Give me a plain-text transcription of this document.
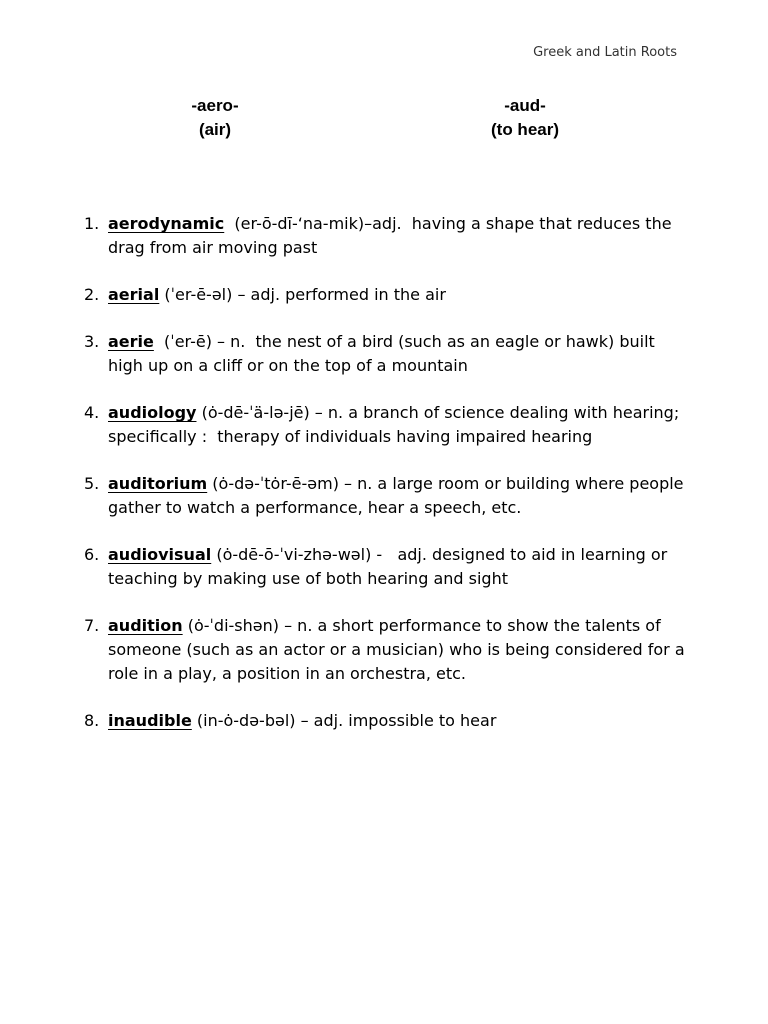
Greek and Latin Roots
-aero-
(air)
-aud-
(to hear)
1. aerodynamic  (er-ō-dī-‘na-mik)–adj.  having a shape that reduces the drag from air moving past
2. aerial (ˈer-ē-əl) – adj. performed in the air
3. aerie  (ˈer-ē) – n.  the nest of a bird (such as an eagle or hawk) built high up on a cliff or on the top of a mountain
4. audiology (ȯ-dē-ˈä-lə-jē) – n. a branch of science dealing with hearing; specifically :  therapy of individuals having impaired hearing
5. auditorium (ȯ-də-ˈtȯr-ē-əm) – n. a large room or building where people gather to watch a performance, hear a speech, etc.
6. audiovisual (ȯ-dē-ō-ˈvi-zhə-wəl) -   adj. designed to aid in learning or teaching by making use of both hearing and sight
7. audition (ȯ-ˈdi-shən) – n. a short performance to show the talents of someone (such as an actor or a musician) who is being considered for a role in a play, a position in an orchestra, etc.
8. inaudible (in-ȯ-də-bəl) – adj. impossible to hear
